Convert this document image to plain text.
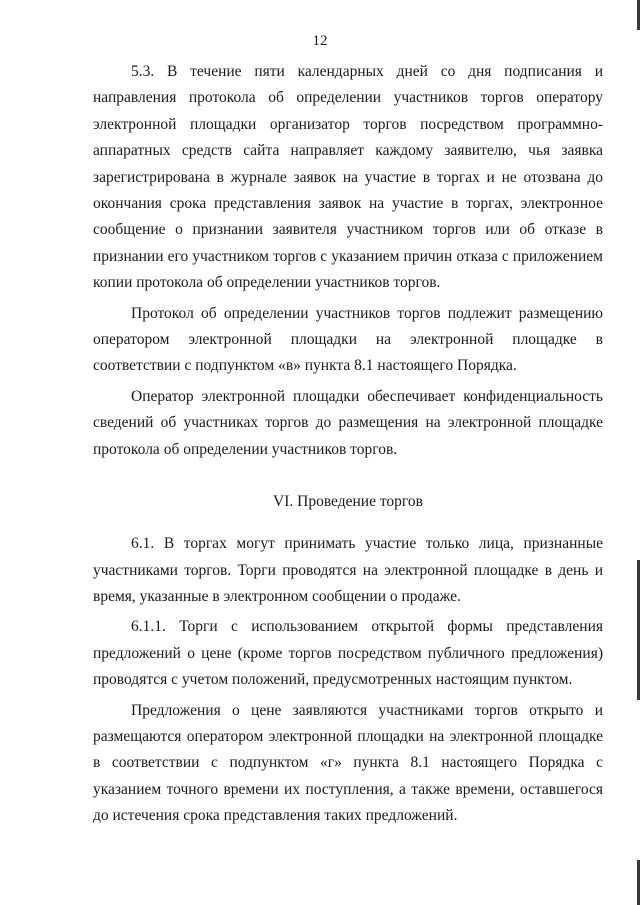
12

5.3. В течение пяти календарных дней со дня подписания и направления протокола об определении участников торгов оператору электронной площадки организатор торгов посредством программно-аппаратных средств сайта направляет каждому заявителю, чья заявка зарегистрирована в журнале заявок на участие в торгах и не отозвана до окончания срока представления заявок на участие в торгах, электронное сообщение о признании заявителя участником торгов или об отказе в признании его участником торгов с указанием причин отказа с приложением копии протокола об определении участников торгов.

Протокол об определении участников торгов подлежит размещению оператором электронной площадки на электронной площадке в соответствии с подпунктом «в» пункта 8.1 настоящего Порядка.

Оператор электронной площадки обеспечивает конфиденциальность сведений об участниках торгов до размещения на электронной площадке протокола об определении участников торгов.

VI. Проведение торгов

6.1. В торгах могут принимать участие только лица, признанные участниками торгов. Торги проводятся на электронной площадке в день и время, указанные в электронном сообщении о продаже.

6.1.1. Торги с использованием открытой формы представления предложений о цене (кроме торгов посредством публичного предложения) проводятся с учетом положений, предусмотренных настоящим пунктом.

Предложения о цене заявляются участниками торгов открыто и размещаются оператором электронной площадки на электронной площадке в соответствии с подпунктом «г» пункта 8.1 настоящего Порядка с указанием точного времени их поступления, а также времени, оставшегося до истечения срока представления таких предложений.
